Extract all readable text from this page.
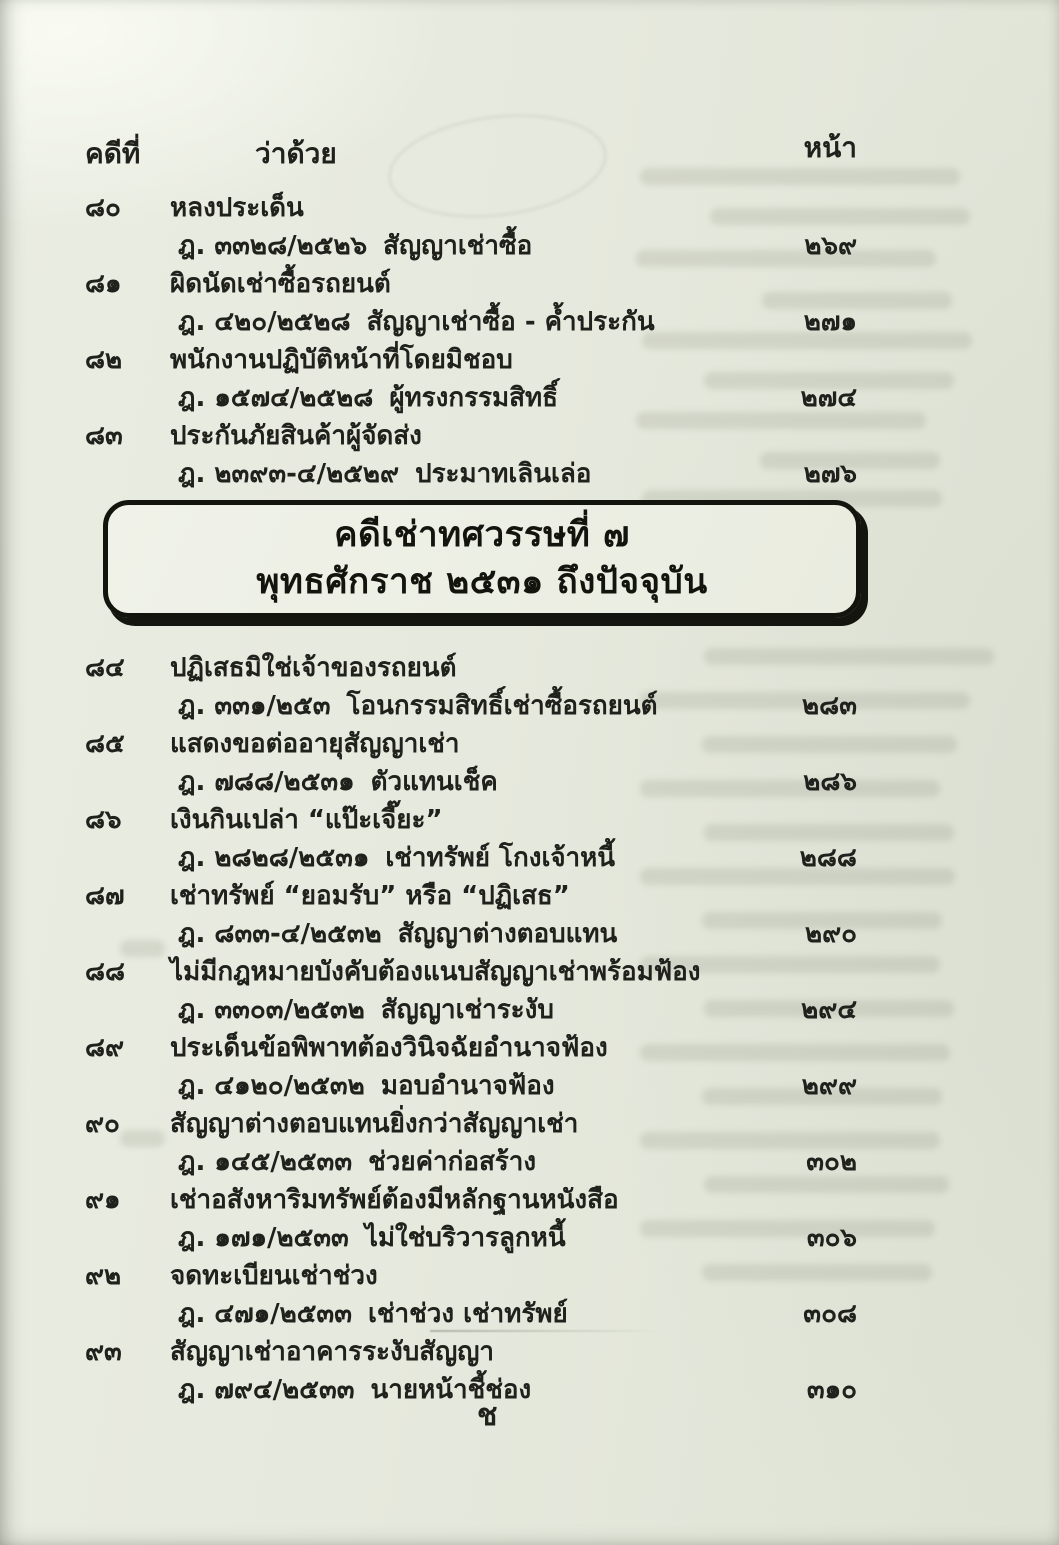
คดีที่	ว่าด้วย	หน้า
๘๐	หลงประเด็น
ฎ. ๓๓๒๘/๒๕๒๖ สัญญาเช่าซื้อ	๒๖๙
๘๑	ผิดนัดเช่าซื้อรถยนต์
ฎ. ๔๒๐/๒๕๒๘ สัญญาเช่าซื้อ - ค้ำประกัน	๒๗๑
๘๒	พนักงานปฏิบัติหน้าที่โดยมิชอบ
ฎ. ๑๕๗๔/๒๕๒๘ ผู้ทรงกรรมสิทธิ์	๒๗๔
๘๓	ประกันภัยสินค้าผู้จัดส่ง
ฎ. ๒๓๙๓-๔/๒๕๒๙ ประมาทเลินเล่อ	๒๗๖
คดีเช่าทศวรรษที่ ๗
พุทธศักราช ๒๕๓๑ ถึงปัจจุบัน
๘๔	ปฏิเสธมิใช่เจ้าของรถยนต์
ฎ. ๓๓๑/๒๕๓ โอนกรรมสิทธิ์เช่าซื้อรถยนต์	๒๘๓
๘๕	แสดงขอต่ออายุสัญญาเช่า
ฎ. ๗๘๘/๒๕๓๑ ตัวแทนเช็ค	๒๘๖
๘๖	เงินกินเปล่า “แป๊ะเจี๊ยะ”
ฎ. ๒๘๒๘/๒๕๓๑ เช่าทรัพย์ โกงเจ้าหนี้	๒๘๘
๘๗	เช่าทรัพย์ “ยอมรับ” หรือ “ปฏิเสธ”
ฎ. ๘๓๓-๔/๒๕๓๒ สัญญาต่างตอบแทน	๒๙๐
๘๘	ไม่มีกฎหมายบังคับต้องแนบสัญญาเช่าพร้อมฟ้อง
ฎ. ๓๓๐๓/๒๕๓๒ สัญญาเช่าระงับ	๒๙๔
๘๙	ประเด็นข้อพิพาทต้องวินิจฉัยอำนาจฟ้อง
ฎ. ๔๑๒๐/๒๕๓๒ มอบอำนาจฟ้อง	๒๙๙
๙๐	สัญญาต่างตอบแทนยิ่งกว่าสัญญาเช่า
ฎ. ๑๔๕/๒๕๓๓ ช่วยค่าก่อสร้าง	๓๐๒
๙๑	เช่าอสังหาริมทรัพย์ต้องมีหลักฐานหนังสือ
ฎ. ๑๗๑/๒๕๓๓ ไม่ใช่บริวารลูกหนี้	๓๐๖
๙๒	จดทะเบียนเช่าช่วง
ฎ. ๔๗๑/๒๕๓๓ เช่าช่วง เช่าทรัพย์	๓๐๘
๙๓	สัญญาเช่าอาคารระงับสัญญา
ฎ. ๗๙๔/๒๕๓๓ นายหน้าชี้ช่อง	๓๑๐
ช
